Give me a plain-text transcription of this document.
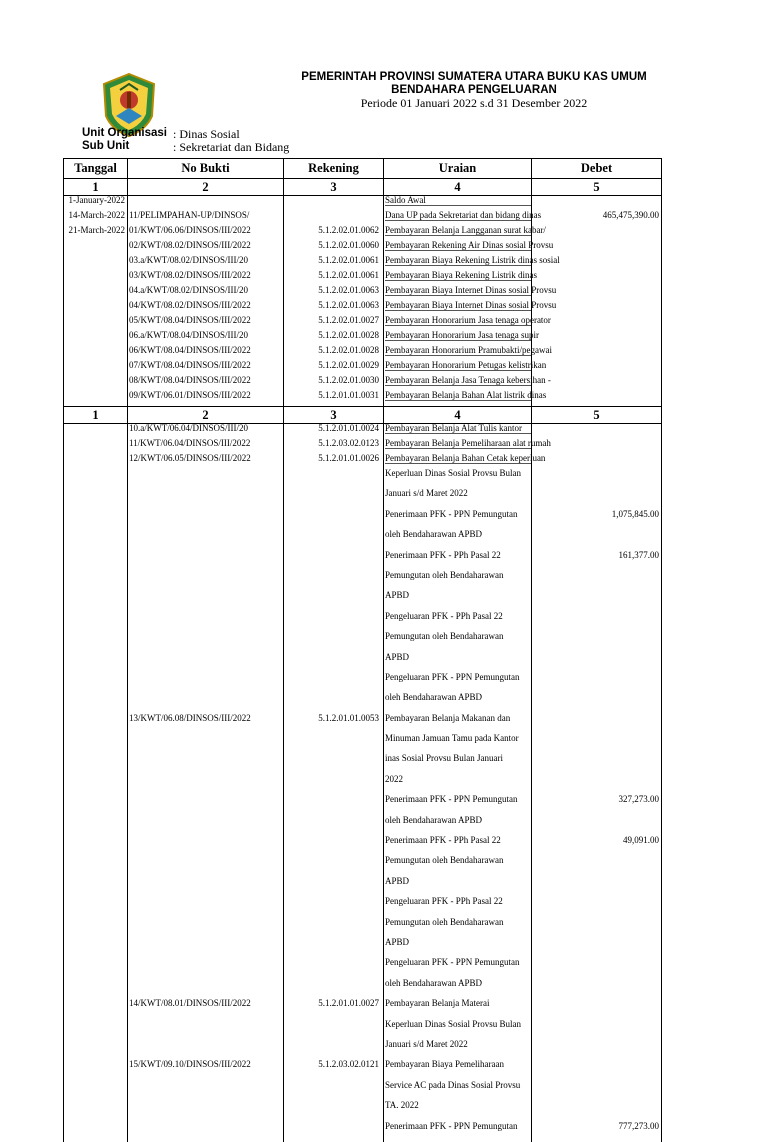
PEMERINTAH PROVINSI SUMATERA UTARA BUKU KAS UMUM
BENDAHARA PENGELUARAN
Periode 01 Januari 2022 s.d 31 Desember 2022
Unit Organisasi : Dinas Sosial
Sub Unit	: Sekretariat dan Bidang
Tanggal	No Bukti	Rekening	Uraian	Debet
1	2	3	4	5
1-January-2022			Saldo Awal	

14-March-2022	11/PELIMPAHAN-UP/DINSOS/		Dana UP pada Sekretariat dan bidang dinas	465,475,390.00
21-March-2022	01/KWT/06.06/DINSOS/III/2022	5.1.2.02.01.0062	Pembayaran Belanja Langganan surat kabar/	

	02/KWT/08.02/DINSOS/III/2022	5.1.2.02.01.0060	Pembayaran Rekening Air Dinas sosial Provsu	

	03.a/KWT/08.02/DINSOS/III/20	5.1.2.02.01.0061	Pembayaran Biaya Rekening Listrik dinas sosial	

	03/KWT/08.02/DINSOS/III/2022	5.1.2.02.01.0061	Pembayaran Biaya Rekening Listrik dinas	

	04.a/KWT/08.02/DINSOS/III/20	5.1.2.02.01.0063	Pembayaran Biaya Internet Dinas sosial Provsu	

	04/KWT/08.02/DINSOS/III/2022	5.1.2.02.01.0063	Pembayaran Biaya Internet Dinas sosial Provsu	

	05/KWT/08.04/DINSOS/III/2022	5.1.2.02.01.0027	Pembayaran Honorarium Jasa tenaga operator	

	06.a/KWT/08.04/DINSOS/III/20	5.1.2.02.01.0028	Pembayaran Honorarium Jasa tenaga supir	

	06/KWT/08.04/DINSOS/III/2022	5.1.2.02.01.0028	Pembayaran Honorarium Pramubakti/pegawai	

	07/KWT/08.04/DINSOS/III/2022	5.1.2.02.01.0029	Pembayaran Honorarium Petugas kelistrikan	

	08/KWT/08.04/DINSOS/III/2022	5.1.2.02.01.0030	Pembayaran Belanja Jasa Tenaga kebersihan -	

	09/KWT/06.01/DINSOS/III/2022	5.1.2.01.01.0031	Pembayaran Belanja Bahan Alat listrik dinas	

1	2	3	4	5
	10.a/KWT/06.04/DINSOS/III/20	5.1.2.01.01.0024	Pembayaran Belanja Alat Tulis kantor	

	11/KWT/06.04/DINSOS/III/2022	5.1.2.03.02.0123	Pembayaran Belanja Pemeliharaan alat rumah	

	12/KWT/06.05/DINSOS/III/2022	5.1.2.01.01.0026	Pembayaran Belanja Bahan Cetak keperluan	

			Keperluan Dinas Sosial Provsu Bulan	
			Januari s/d Maret 2022	
			Penerimaan PFK - PPN Pemungutan	1,075,845.00
			oleh Bendaharawan APBD	
			Penerimaan PFK - PPh Pasal 22	161,377.00
			Pemungutan oleh Bendaharawan	
			APBD	
			Pengeluaran PFK - PPh Pasal 22	
			Pemungutan oleh Bendaharawan	
			APBD	
			Pengeluaran PFK - PPN Pemungutan	
			oleh Bendaharawan APBD	
	13/KWT/06.08/DINSOS/III/2022	5.1.2.01.01.0053	Pembayaran Belanja Makanan dan	
			Minuman Jamuan Tamu pada Kantor	
			inas Sosial Provsu Bulan Januari	
			2022	
			Penerimaan PFK - PPN Pemungutan	327,273.00
			oleh Bendaharawan APBD	
			Penerimaan PFK - PPh Pasal 22	49,091.00
			Pemungutan oleh Bendaharawan	
			APBD	
			Pengeluaran PFK - PPh Pasal 22	
			Pemungutan oleh Bendaharawan	
			APBD	
			Pengeluaran PFK - PPN Pemungutan	
			oleh Bendaharawan APBD	
	14/KWT/08.01/DINSOS/III/2022	5.1.2.01.01.0027	Pembayaran Belanja Materai	
			Keperluan Dinas Sosial Provsu Bulan	
			Januari s/d Maret 2022	
	15/KWT/09.10/DINSOS/III/2022	5.1.2.03.02.0121	Pembayaran Biaya Pemeliharaan	
			Service AC pada Dinas Sosial Provsu	
			TA. 2022	
			Penerimaan PFK - PPN Pemungutan	777,273.00
